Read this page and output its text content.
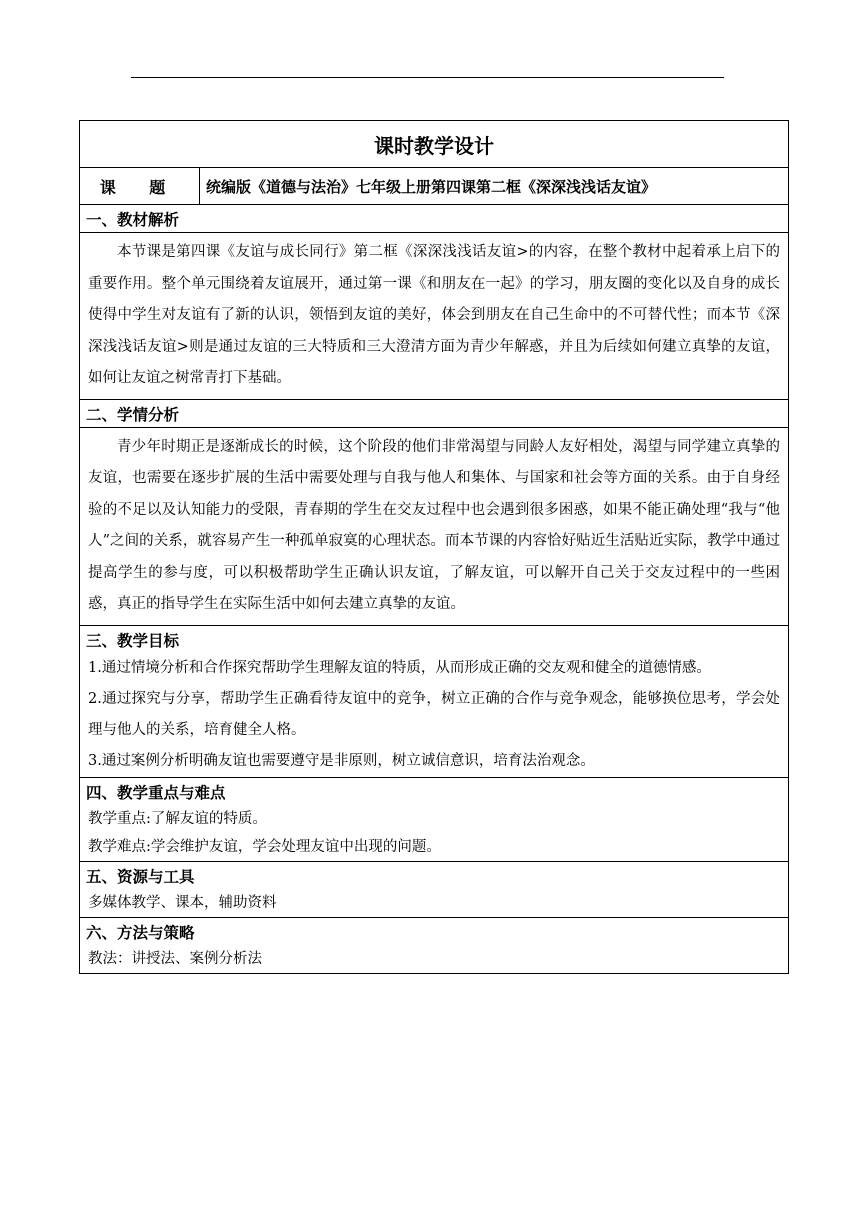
课时教学设计
课 题	统编版《道德与法治》七年级上册第四课第二框《深深浅浅话友谊》

一、教材解析

本节课是第四课《友谊与成长同行》第二框《深深浅浅话友谊>的内容，在整个教材中起着承上启下的重要作用。整个单元围绕着友谊展开，通过第一课《和朋友在一起》的学习，朋友圈的变化以及自身的成长使得中学生对友谊有了新的认识，领悟到友谊的美好，体会到朋友在自己生命中的不可替代性；而本节《深深浅浅话友谊>则是通过友谊的三大特质和三大澄清方面为青少年解惑，并且为后续如何建立真挚的友谊，如何让友谊之树常青打下基础。

二、学情分析

青少年时期正是逐渐成长的时候，这个阶段的他们非常渴望与同龄人友好相处，渴望与同学建立真挚的友谊，也需要在逐步扩展的生活中需要处理与自我与他人和集体、与国家和社会等方面的关系。由于自身经验的不足以及认知能力的受限，青春期的学生在交友过程中也会遇到很多困惑，如果不能正确处理“我与“他人”之间的关系，就容易产生一种孤单寂寞的心理状态。而本节课的内容恰好贴近生活贴近实际，教学中通过提高学生的参与度，可以积极帮助学生正确认识友谊，了解友谊，可以解开自己关于交友过程中的一些困惑，真正的指导学生在实际生活中如何去建立真挚的友谊。

三、教学目标

1.通过情境分析和合作探究帮助学生理解友谊的特质，从而形成正确的交友观和健全的道德情感。

2.通过探究与分享，帮助学生正确看待友谊中的竞争，树立正确的合作与竞争观念，能够换位思考，学会处理与他人的关系，培育健全人格。

3.通过案例分析明确友谊也需要遵守是非原则，树立诚信意识，培育法治观念。

四、教学重点与难点

教学重点:了解友谊的特质。

教学难点:学会维护友谊，学会处理友谊中出现的问题。

五、资源与工具

多媒体教学、课本，辅助资料

六、方法与策略

教法：讲授法、案例分析法
